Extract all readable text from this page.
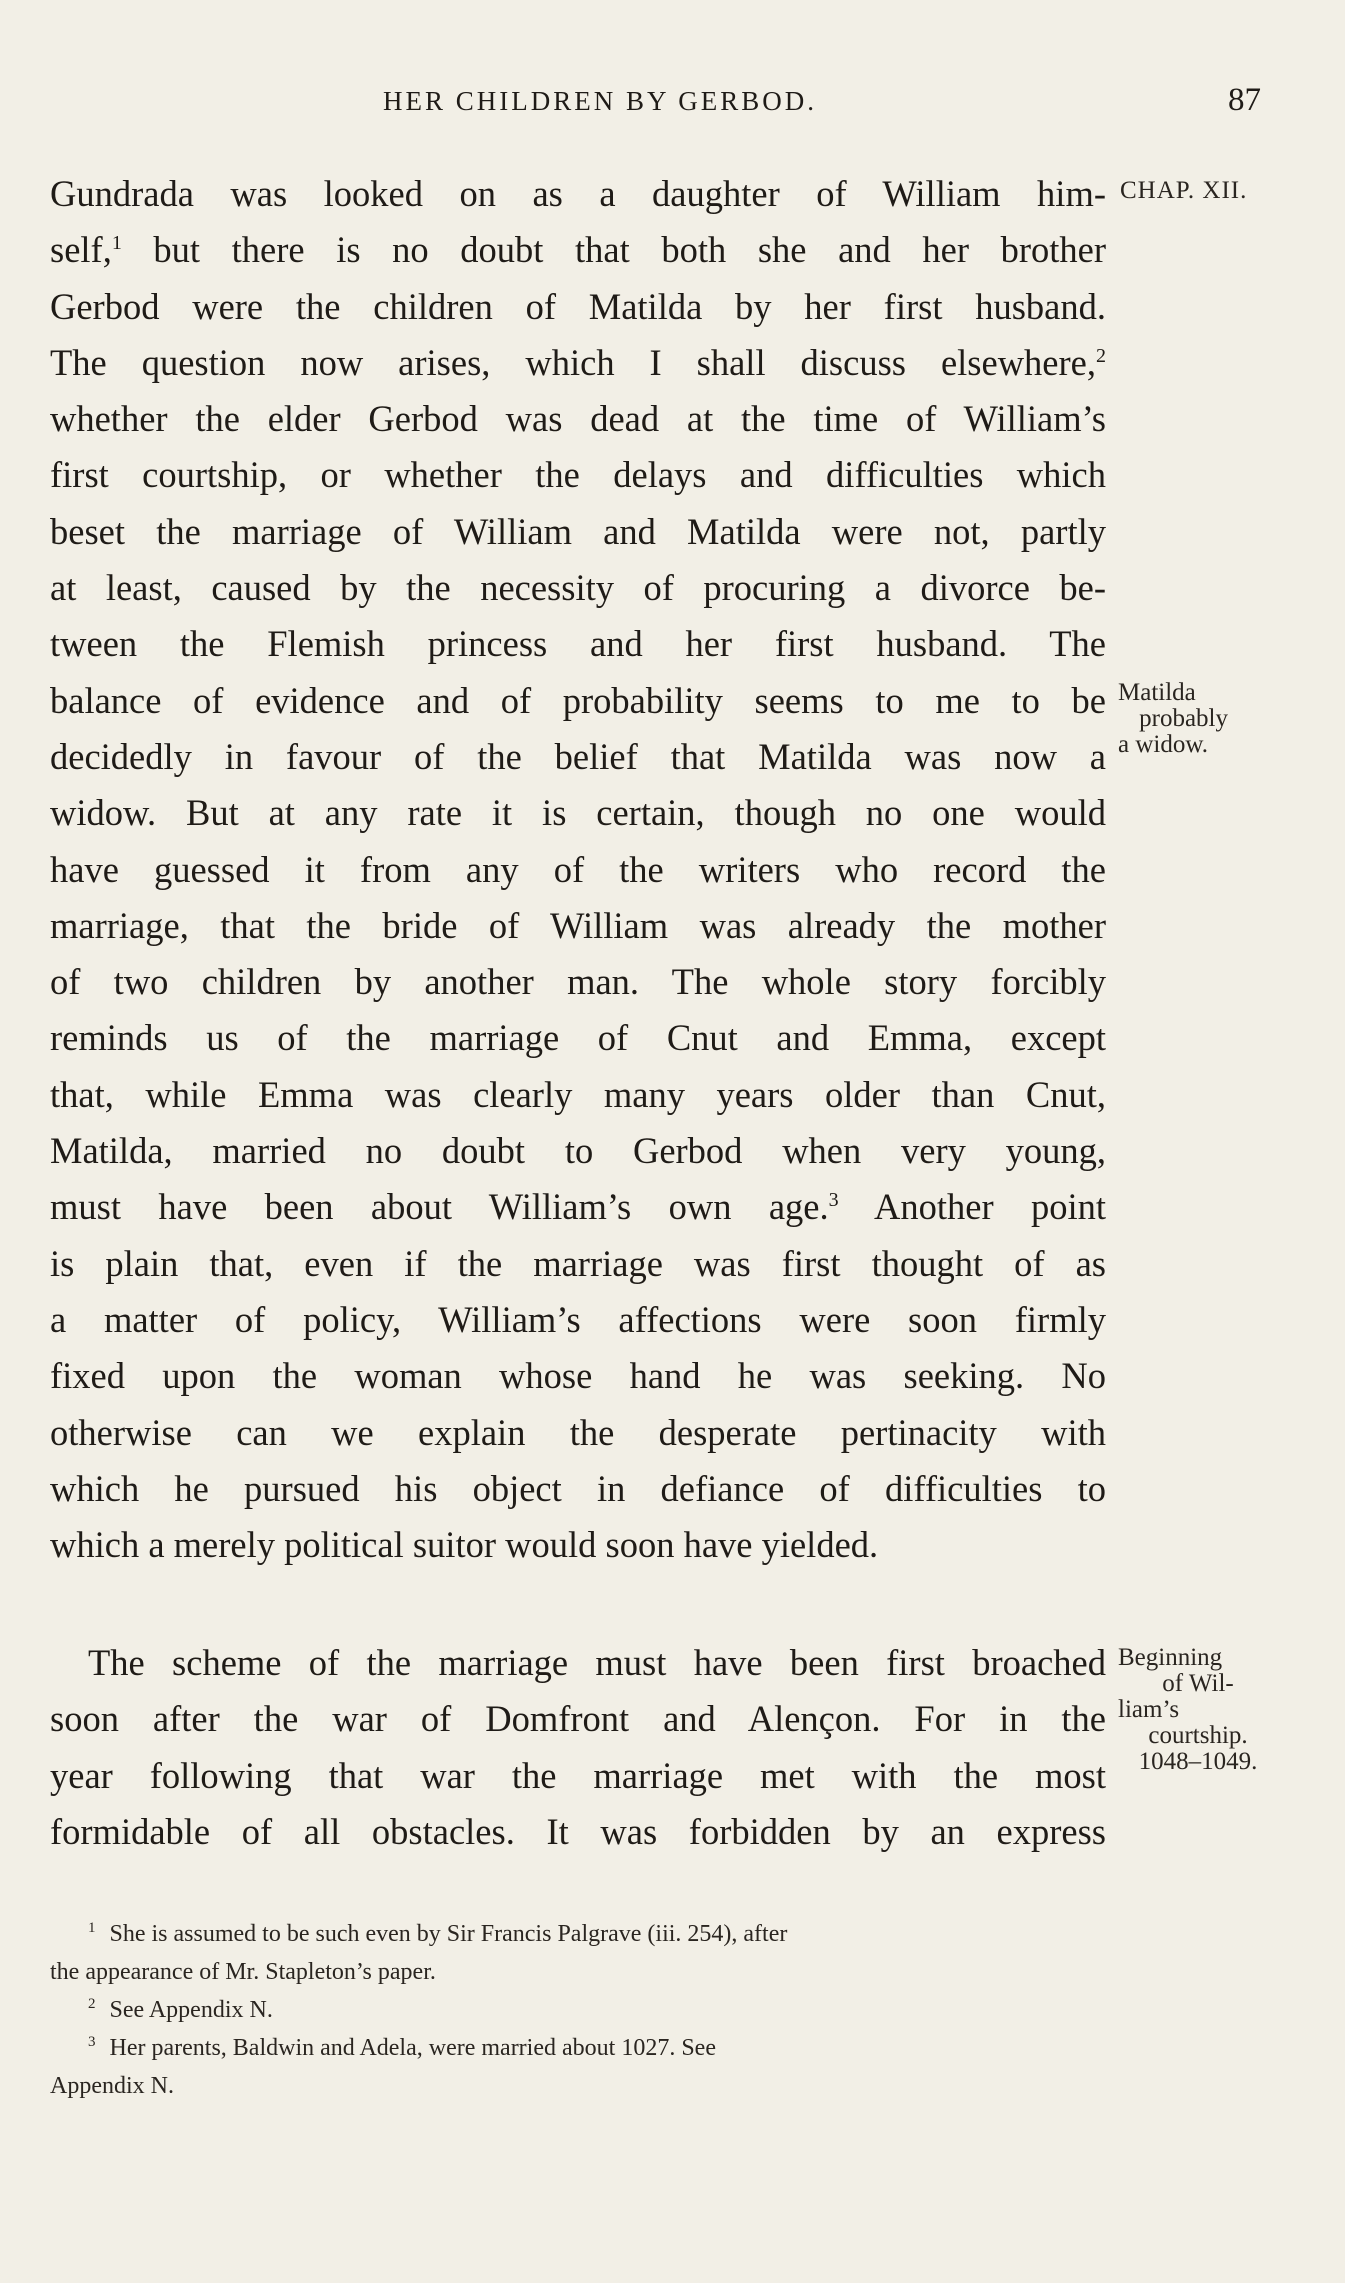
HER CHILDREN BY GERBOD.	87
CHAP. XII.
Matilda
probably
a widow.
Beginning
of Wil-
liam’s
courtship.
1048–1049.
Gundrada was looked on as a daughter of William him-
self,$^1$ but there is no doubt that both she and her brother
Gerbod were the children of Matilda by her first husband.
The question now arises, which I shall discuss elsewhere,$^2$
whether the elder Gerbod was dead at the time of William’s
first courtship, or whether the delays and difficulties which
beset the marriage of William and Matilda were not, partly
at least, caused by the necessity of procuring a divorce be-
tween the Flemish princess and her first husband. The
balance of evidence and of probability seems to me to be
decidedly in favour of the belief that Matilda was now a
widow. But at any rate it is certain, though no one would
have guessed it from any of the writers who record the
marriage, that the bride of William was already the mother
of two children by another man. The whole story forcibly
reminds us of the marriage of Cnut and Emma, except
that, while Emma was clearly many years older than Cnut,
Matilda, married no doubt to Gerbod when very young,
must have been about William’s own age.$^3$ Another point
is plain that, even if the marriage was first thought of as
a matter of policy, William’s affections were soon firmly
fixed upon the woman whose hand he was seeking. No
otherwise can we explain the desperate pertinacity with
which he pursued his object in defiance of difficulties to
which a merely political suitor would soon have yielded.
The scheme of the marriage must have been first broached
soon after the war of Domfront and Alençon. For in the
year following that war the marriage met with the most
formidable of all obstacles. It was forbidden by an express
$^1$ She is assumed to be such even by Sir Francis Palgrave (iii. 254), after
the appearance of Mr. Stapleton’s paper.
$^2$ See Appendix N.
$^3$ Her parents, Baldwin and Adela, were married about 1027. See
Appendix N.
